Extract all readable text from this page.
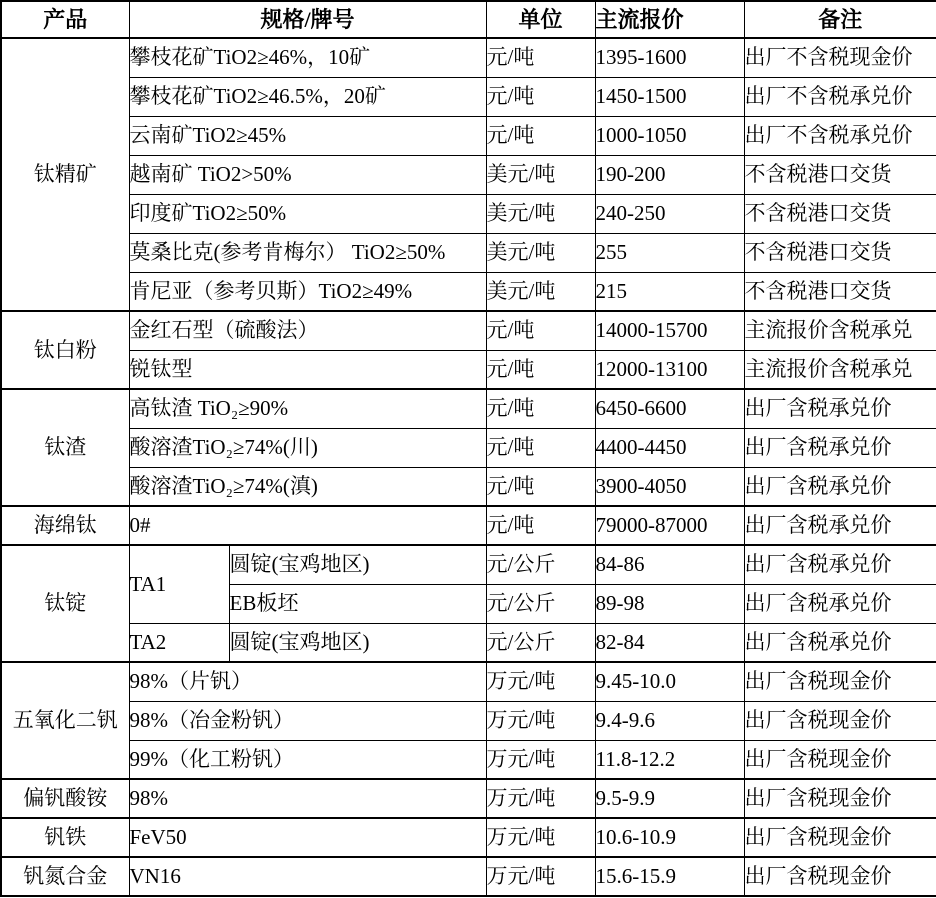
产品	规格/牌号		单位	主流报价	备注
钛精矿	攀枝花矿TiO2≥46%，10矿		元/吨	1395-1600	出厂不含税现金价
	攀枝花矿TiO2≥46.5%，20矿		元/吨	1450-1500	出厂不含税承兑价
	云南矿TiO2≥45%		元/吨	1000-1050	出厂不含税承兑价
	越南矿 TiO2>50%		美元/吨	190-200	不含税港口交货
	印度矿TiO2≥50%		美元/吨	240-250	不含税港口交货
	莫桑比克(参考肯梅尔） TiO2≥50%		美元/吨	255	不含税港口交货
	肯尼亚（参考贝斯）TiO2≥49%		美元/吨	215	不含税港口交货
钛白粉	金红石型（硫酸法）		元/吨	14000-15700	主流报价含税承兑
	锐钛型		元/吨	12000-13100	主流报价含税承兑
钛渣	高钛渣 TiO₂≥90%		元/吨	6450-6600	出厂含税承兑价
	酸溶渣TiO₂≥74%(川)		元/吨	4400-4450	出厂含税承兑价
	酸溶渣TiO₂≥74%(滇)		元/吨	3900-4050	出厂含税承兑价
海绵钛	0#		元/吨	79000-87000	出厂含税承兑价
钛锭	TA1	圆锭(宝鸡地区)	元/公斤	84-86	出厂含税承兑价
		EB板坯	元/公斤	89-98	出厂含税承兑价
	TA2	圆锭(宝鸡地区)	元/公斤	82-84	出厂含税承兑价
五氧化二钒	98%（片钒）		万元/吨	9.45-10.0	出厂含税现金价
	98%（冶金粉钒）		万元/吨	9.4-9.6	出厂含税现金价
	99%（化工粉钒）		万元/吨	11.8-12.2	出厂含税现金价
偏钒酸铵	98%		万元/吨	9.5-9.9	出厂含税现金价
钒铁	FeV50		万元/吨	10.6-10.9	出厂含税现金价
钒氮合金	VN16		万元/吨	15.6-15.9	出厂含税现金价
